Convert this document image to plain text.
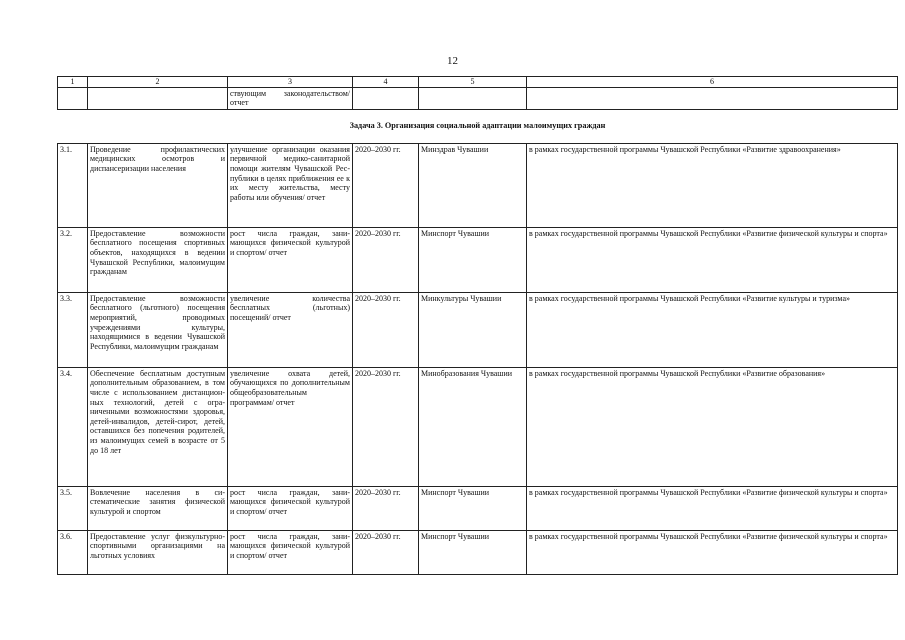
12
1	2	3	4	5	6
		ствующим законодательством/ отчет			
Задача 3. Организация социальной адаптации малоимущих граждан					
3.1.	Проведение профилактических медицинских осмотров и диспансеризации населения	улучшение организации оказания первичной медико-санитарной помощи жителям Чувашской Республики в целях приближения ее к их месту жительства, месту работы или обучения/ отчет	2020–2030 гг.	Минздрав Чувашии	в рамках государственной программы Чувашской Республики «Развитие здравоохранения»
3.2.	Предоставление возможности бесплатного посещения спортивных объектов, находящихся в ведении Чувашской Республики, малоимущим гражданам	рост числа граждан, занимающихся физической культурой и спортом/ отчет	2020–2030 гг.	Минспорт Чувашии	в рамках государственной программы Чувашской Республики «Развитие физической культуры и спорта»
3.3.	Предоставление возможности бесплатного (льготного) посещения мероприятий, проводимых учреждениями культуры, находящимися в ведении Чувашской Республики, малоимущим гражданам	увеличение количества бесплатных (льготных) посещений/ отчет	2020–2030 гг.	Минкультуры Чувашии	в рамках государственной программы Чувашской Республики «Развитие культуры и туризма»
3.4.	Обеспечение бесплатным доступным дополнительным образованием, в том числе с использованием дистанционных технологий, детей с ограниченными возможностями здоровья, детей-инвалидов, детей-сирот, детей, оставшихся без попечения родителей, из малоимущих семей в возрасте от 5 до 18 лет	увеличение охвата детей, обучающихся по дополнительным общеобразовательным программам/ отчет	2020–2030 гг.	Минобразования Чувашии	в рамках государственной программы Чувашской Республики «Развитие образования»
3.5.	Вовлечение населения в систематические занятия физической культурой и спортом	рост числа граждан, занимающихся физической культурой и спортом/ отчет	2020–2030 гг.	Минспорт Чувашии	в рамках государственной программы Чувашской Республики «Развитие физической культуры и спорта»
3.6.	Предоставление услуг физкультурно-спортивными организациями на льготных условиях	рост числа граждан, занимающихся физической культурой и спортом/ отчет	2020–2030 гг.	Минспорт Чувашии	в рамках государственной программы Чувашской Республики «Развитие физической культуры и спорта»
